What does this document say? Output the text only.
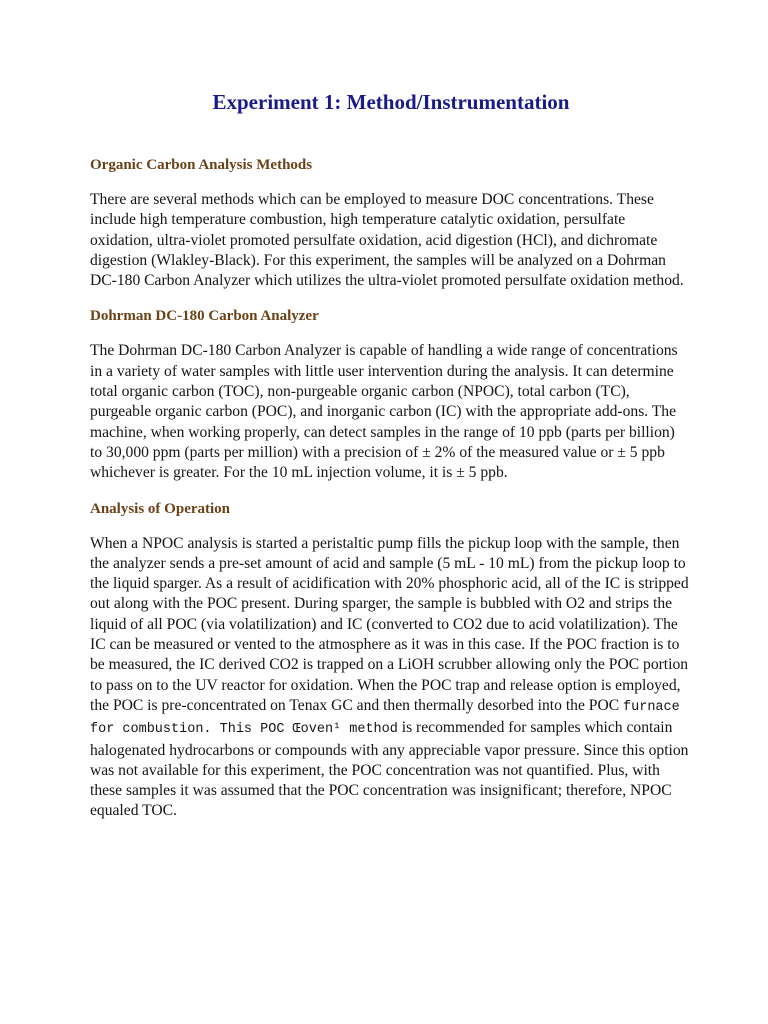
Experiment 1: Method/Instrumentation
Organic Carbon Analysis Methods

There are several methods which can be employed to measure DOC concentrations. These include high temperature combustion, high temperature catalytic oxidation, persulfate oxidation, ultra-violet promoted persulfate oxidation, acid digestion (HCl), and dichromate digestion (Wlakley-Black). For this experiment, the samples will be analyzed on a Dohrman DC-180 Carbon Analyzer which utilizes the ultra-violet promoted persulfate oxidation method.

Dohrman DC-180 Carbon Analyzer

The Dohrman DC-180 Carbon Analyzer is capable of handling a wide range of concentrations in a variety of water samples with little user intervention during the analysis. It can determine total organic carbon (TOC), non-purgeable organic carbon (NPOC), total carbon (TC), purgeable organic carbon (POC), and inorganic carbon (IC) with the appropriate add-ons. The machine, when working properly, can detect samples in the range of 10 ppb (parts per billion) to 30,000 ppm (parts per million) with a precision of ± 2% of the measured value or ± 5 ppb whichever is greater. For the 10 mL injection volume, it is ± 5 ppb.

Analysis of Operation

When a NPOC analysis is started a peristaltic pump fills the pickup loop with the sample, then the analyzer sends a pre-set amount of acid and sample (5 mL - 10 mL) from the pickup loop to the liquid sparger. As a result of acidification with 20% phosphoric acid, all of the IC is stripped out along with the POC present. During sparger, the sample is bubbled with O2 and strips the liquid of all POC (via volatilization) and IC (converted to CO2 due to acid volatilization). The IC can be measured or vented to the atmosphere as it was in this case. If the POC fraction is to be measured, the IC derived CO2 is trapped on a LiOH scrubber allowing only the POC portion to pass on to the UV reactor for oxidation. When the POC trap and release option is employed, the POC is pre-concentrated on Tenax GC and then thermally desorbed into the POC furnace for combustion. This POC Œoven¹ method is recommended for samples which contain halogenated hydrocarbons or compounds with any appreciable vapor pressure. Since this option was not available for this experiment, the POC concentration was not quantified. Plus, with these samples it was assumed that the POC concentration was insignificant; therefore, NPOC equaled TOC.
